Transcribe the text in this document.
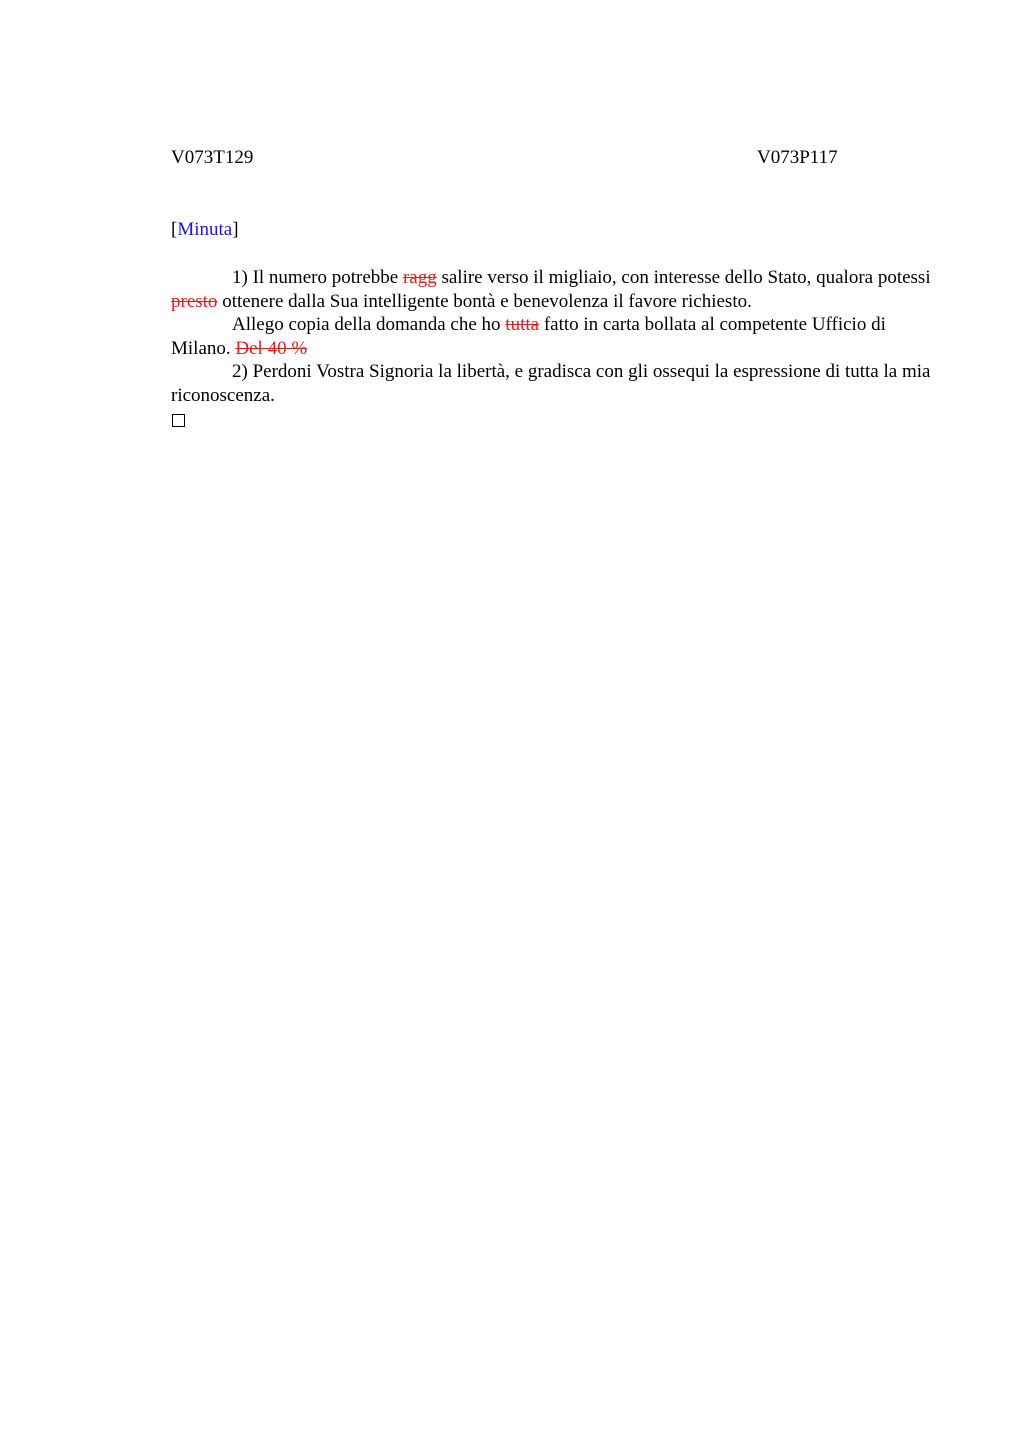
V073T129	V073P117
[Minuta]

1) Il numero potrebbe ragg salire verso il migliaio, con interesse dello Stato, qualora potessi presto ottenere dalla Sua intelligente bontà e benevolenza il favore richiesto.

Allego copia della domanda che ho tutta fatto in carta bollata al competente Ufficio di Milano. Del 40 %

2) Perdoni Vostra Signoria la libertà, e gradisca con gli ossequi la espressione di tutta la mia riconoscenza.
